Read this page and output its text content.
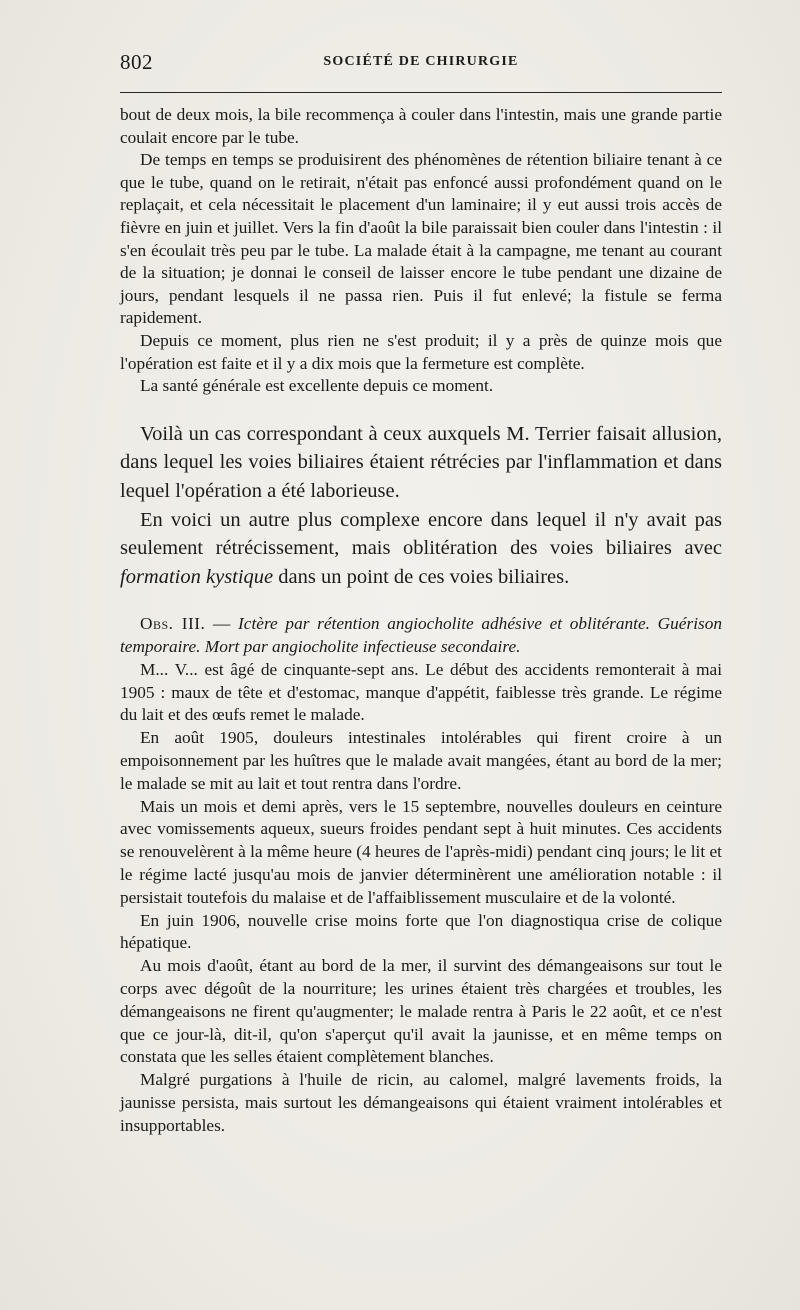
802	SOCIÉTÉ DE CHIRURGIE

bout de deux mois, la bile recommença à couler dans l'intestin, mais une grande partie coulait encore par le tube.

De temps en temps se produisirent des phénomènes de rétention biliaire tenant à ce que le tube, quand on le retirait, n'était pas enfoncé aussi profondément quand on le replaçait, et cela nécessitait le placement d'un laminaire; il y eut aussi trois accès de fièvre en juin et juillet. Vers la fin d'août la bile paraissait bien couler dans l'intestin : il s'en écoulait très peu par le tube. La malade était à la campagne, me tenant au courant de la situation; je donnai le conseil de laisser encore le tube pendant une dizaine de jours, pendant lesquels il ne passa rien. Puis il fut enlevé; la fistule se ferma rapidement.

Depuis ce moment, plus rien ne s'est produit; il y a près de quinze mois que l'opération est faite et il y a dix mois que la fermeture est complète.

La santé générale est excellente depuis ce moment.

Voilà un cas correspondant à ceux auxquels M. Terrier faisait allusion, dans lequel les voies biliaires étaient rétrécies par l'inflammation et dans lequel l'opération a été laborieuse.

En voici un autre plus complexe encore dans lequel il n'y avait pas seulement rétrécissement, mais oblitération des voies biliaires avec formation kystique dans un point de ces voies biliaires.

Obs. III. — Ictère par rétention angiocholite adhésive et oblitérante. Guérison temporaire. Mort par angiocholite infectieuse secondaire.

M... V... est âgé de cinquante-sept ans. Le début des accidents remonterait à mai 1905 : maux de tête et d'estomac, manque d'appétit, faiblesse très grande. Le régime du lait et des œufs remet le malade.

En août 1905, douleurs intestinales intolérables qui firent croire à un empoisonnement par les huîtres que le malade avait mangées, étant au bord de la mer; le malade se mit au lait et tout rentra dans l'ordre.

Mais un mois et demi après, vers le 15 septembre, nouvelles douleurs en ceinture avec vomissements aqueux, sueurs froides pendant sept à huit minutes. Ces accidents se renouvelèrent à la même heure (4 heures de l'après-midi) pendant cinq jours; le lit et le régime lacté jusqu'au mois de janvier déterminèrent une amélioration notable : il persistait toutefois du malaise et de l'affaiblissement musculaire et de la volonté.

En juin 1906, nouvelle crise moins forte que l'on diagnostiqua crise de colique hépatique.

Au mois d'août, étant au bord de la mer, il survint des démangeaisons sur tout le corps avec dégoût de la nourriture; les urines étaient très chargées et troubles, les démangeaisons ne firent qu'augmenter; le malade rentra à Paris le 22 août, et ce n'est que ce jour-là, dit-il, qu'on s'aperçut qu'il avait la jaunisse, et en même temps on constata que les selles étaient complètement blanches.

Malgré purgations à l'huile de ricin, au calomel, malgré lavements froids, la jaunisse persista, mais surtout les démangeaisons qui étaient vraiment intolérables et insupportables.
